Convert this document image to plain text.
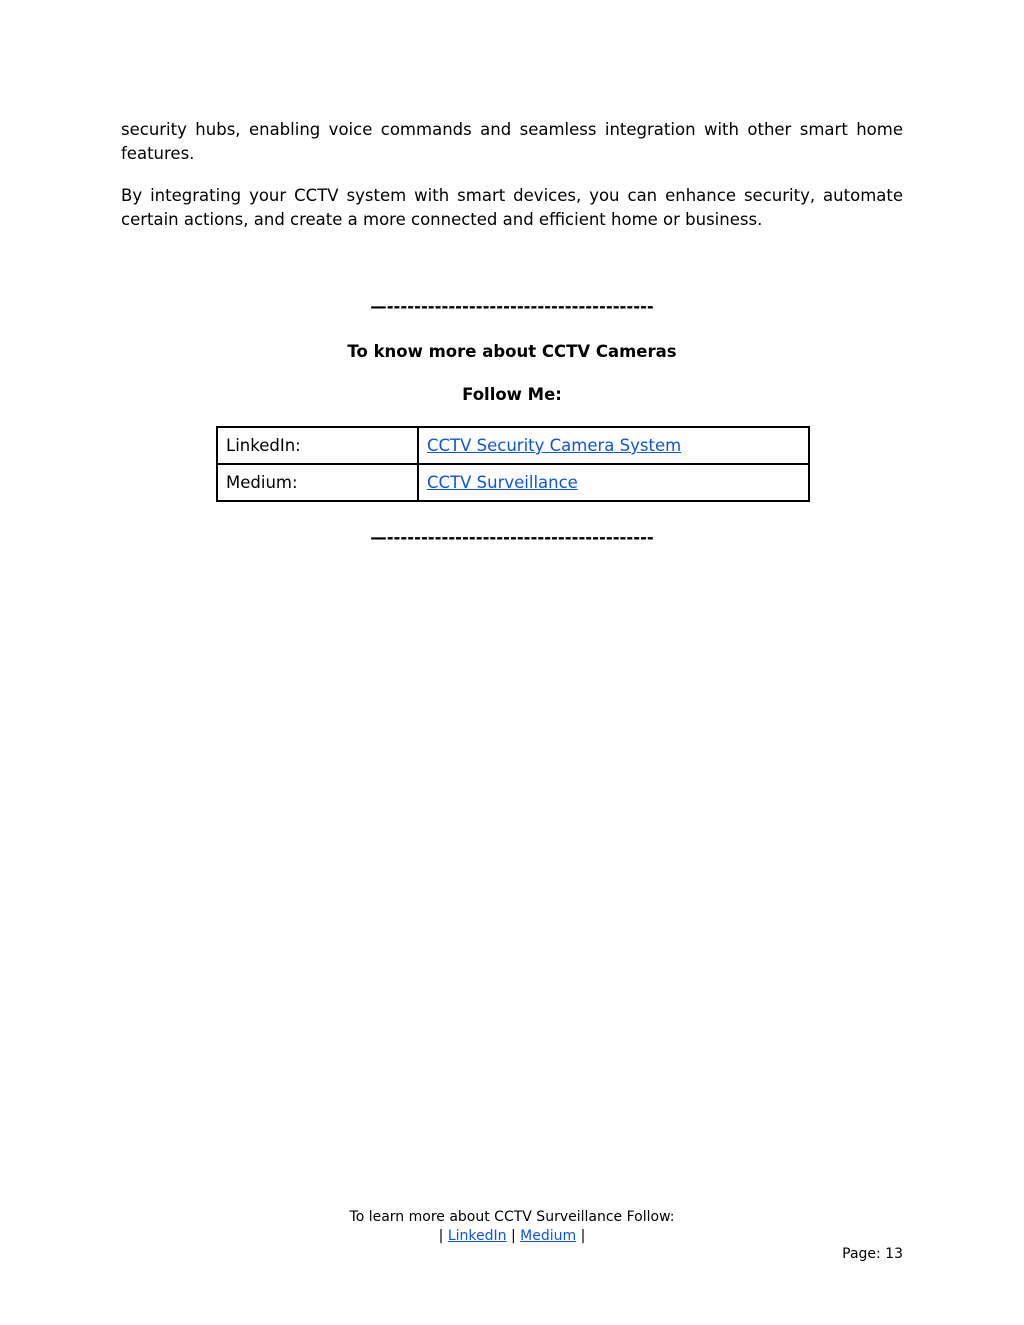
security hubs, enabling voice commands and seamless integration with other smart home features.

By integrating your CCTV system with smart devices, you can enhance security, automate certain actions, and create a more connected and efficient home or business.

—---------------------------------------
To know more about CCTV Cameras
Follow Me:
LinkedIn:	CCTV Security Camera System
Medium:	CCTV Surveillance
—---------------------------------------
To learn more about CCTV Surveillance Follow:
| LinkedIn | Medium |
Page: 13
